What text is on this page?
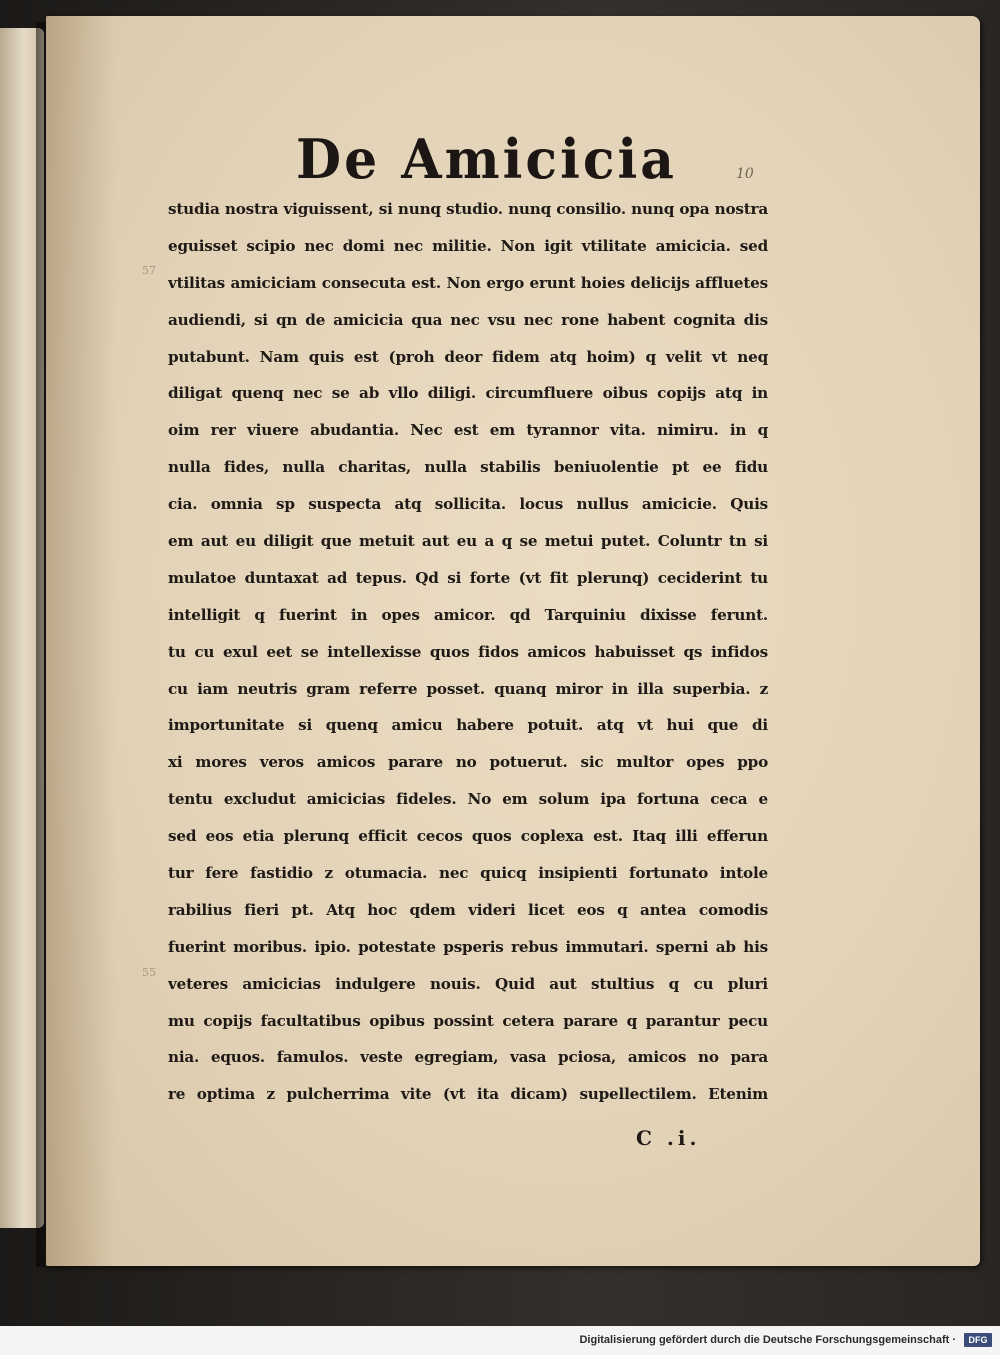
De Amicicia	10
57
55
studia nostra viguissent, si nunq studio. nunq consilio. nunq opa nostra
eguisset scipio nec domi nec militie. Non igit vtilitate amicicia. sed
vtilitas amiciciam consecuta est. Non ergo erunt hoies delicijs affluetes
audiendi, si qn de amicicia qua nec vsu nec rone habent cognita dis
putabunt. Nam quis est (proh deor fidem atq hoim) q velit vt neq
diligat quenq nec se ab vllo diligi. circumfluere oibus copijs atq in
oim rer viuere abudantia. Nec est em tyrannor vita. nimiru. in q
nulla fides, nulla charitas, nulla stabilis beniuolentie pt ee fidu
cia. omnia sp suspecta atq sollicita. locus nullus amicicie. Quis
em aut eu diligit que metuit aut eu a q se metui putet. Coluntr tn si
mulatoe duntaxat ad tepus. Qd si forte (vt fit plerunq) ceciderint tu
intelligit q fuerint in opes amicor. qd Tarquiniu dixisse ferunt.
tu cu exul eet se intellexisse quos fidos amicos habuisset qs infidos
cu iam neutris gram referre posset. quanq miror in illa superbia. z
importunitate si quenq amicu habere potuit. atq vt hui que di
xi mores veros amicos parare no potuerut. sic multor opes ppo
tentu excludut amicicias fideles. No em solum ipa fortuna ceca e
sed eos etia plerunq efficit cecos quos coplexa est. Itaq illi efferun
tur fere fastidio z otumacia. nec quicq insipienti fortunato intole
rabilius fieri pt. Atq hoc qdem videri licet eos q antea comodis
fuerint moribus. ipio. potestate psperis rebus immutari. sperni ab his
veteres amicicias indulgere nouis. Quid aut stultius q cu pluri
mu copijs facultatibus opibus possint cetera parare q parantur pecu
nia. equos. famulos. veste egregiam, vasa pciosa, amicos no para
re optima z pulcherrima vite (vt ita dicam) supellectilem. Etenim
C .i.
Digitalisierung gefördert durch die Deutsche Forschungsgemeinschaft ·	DFG
